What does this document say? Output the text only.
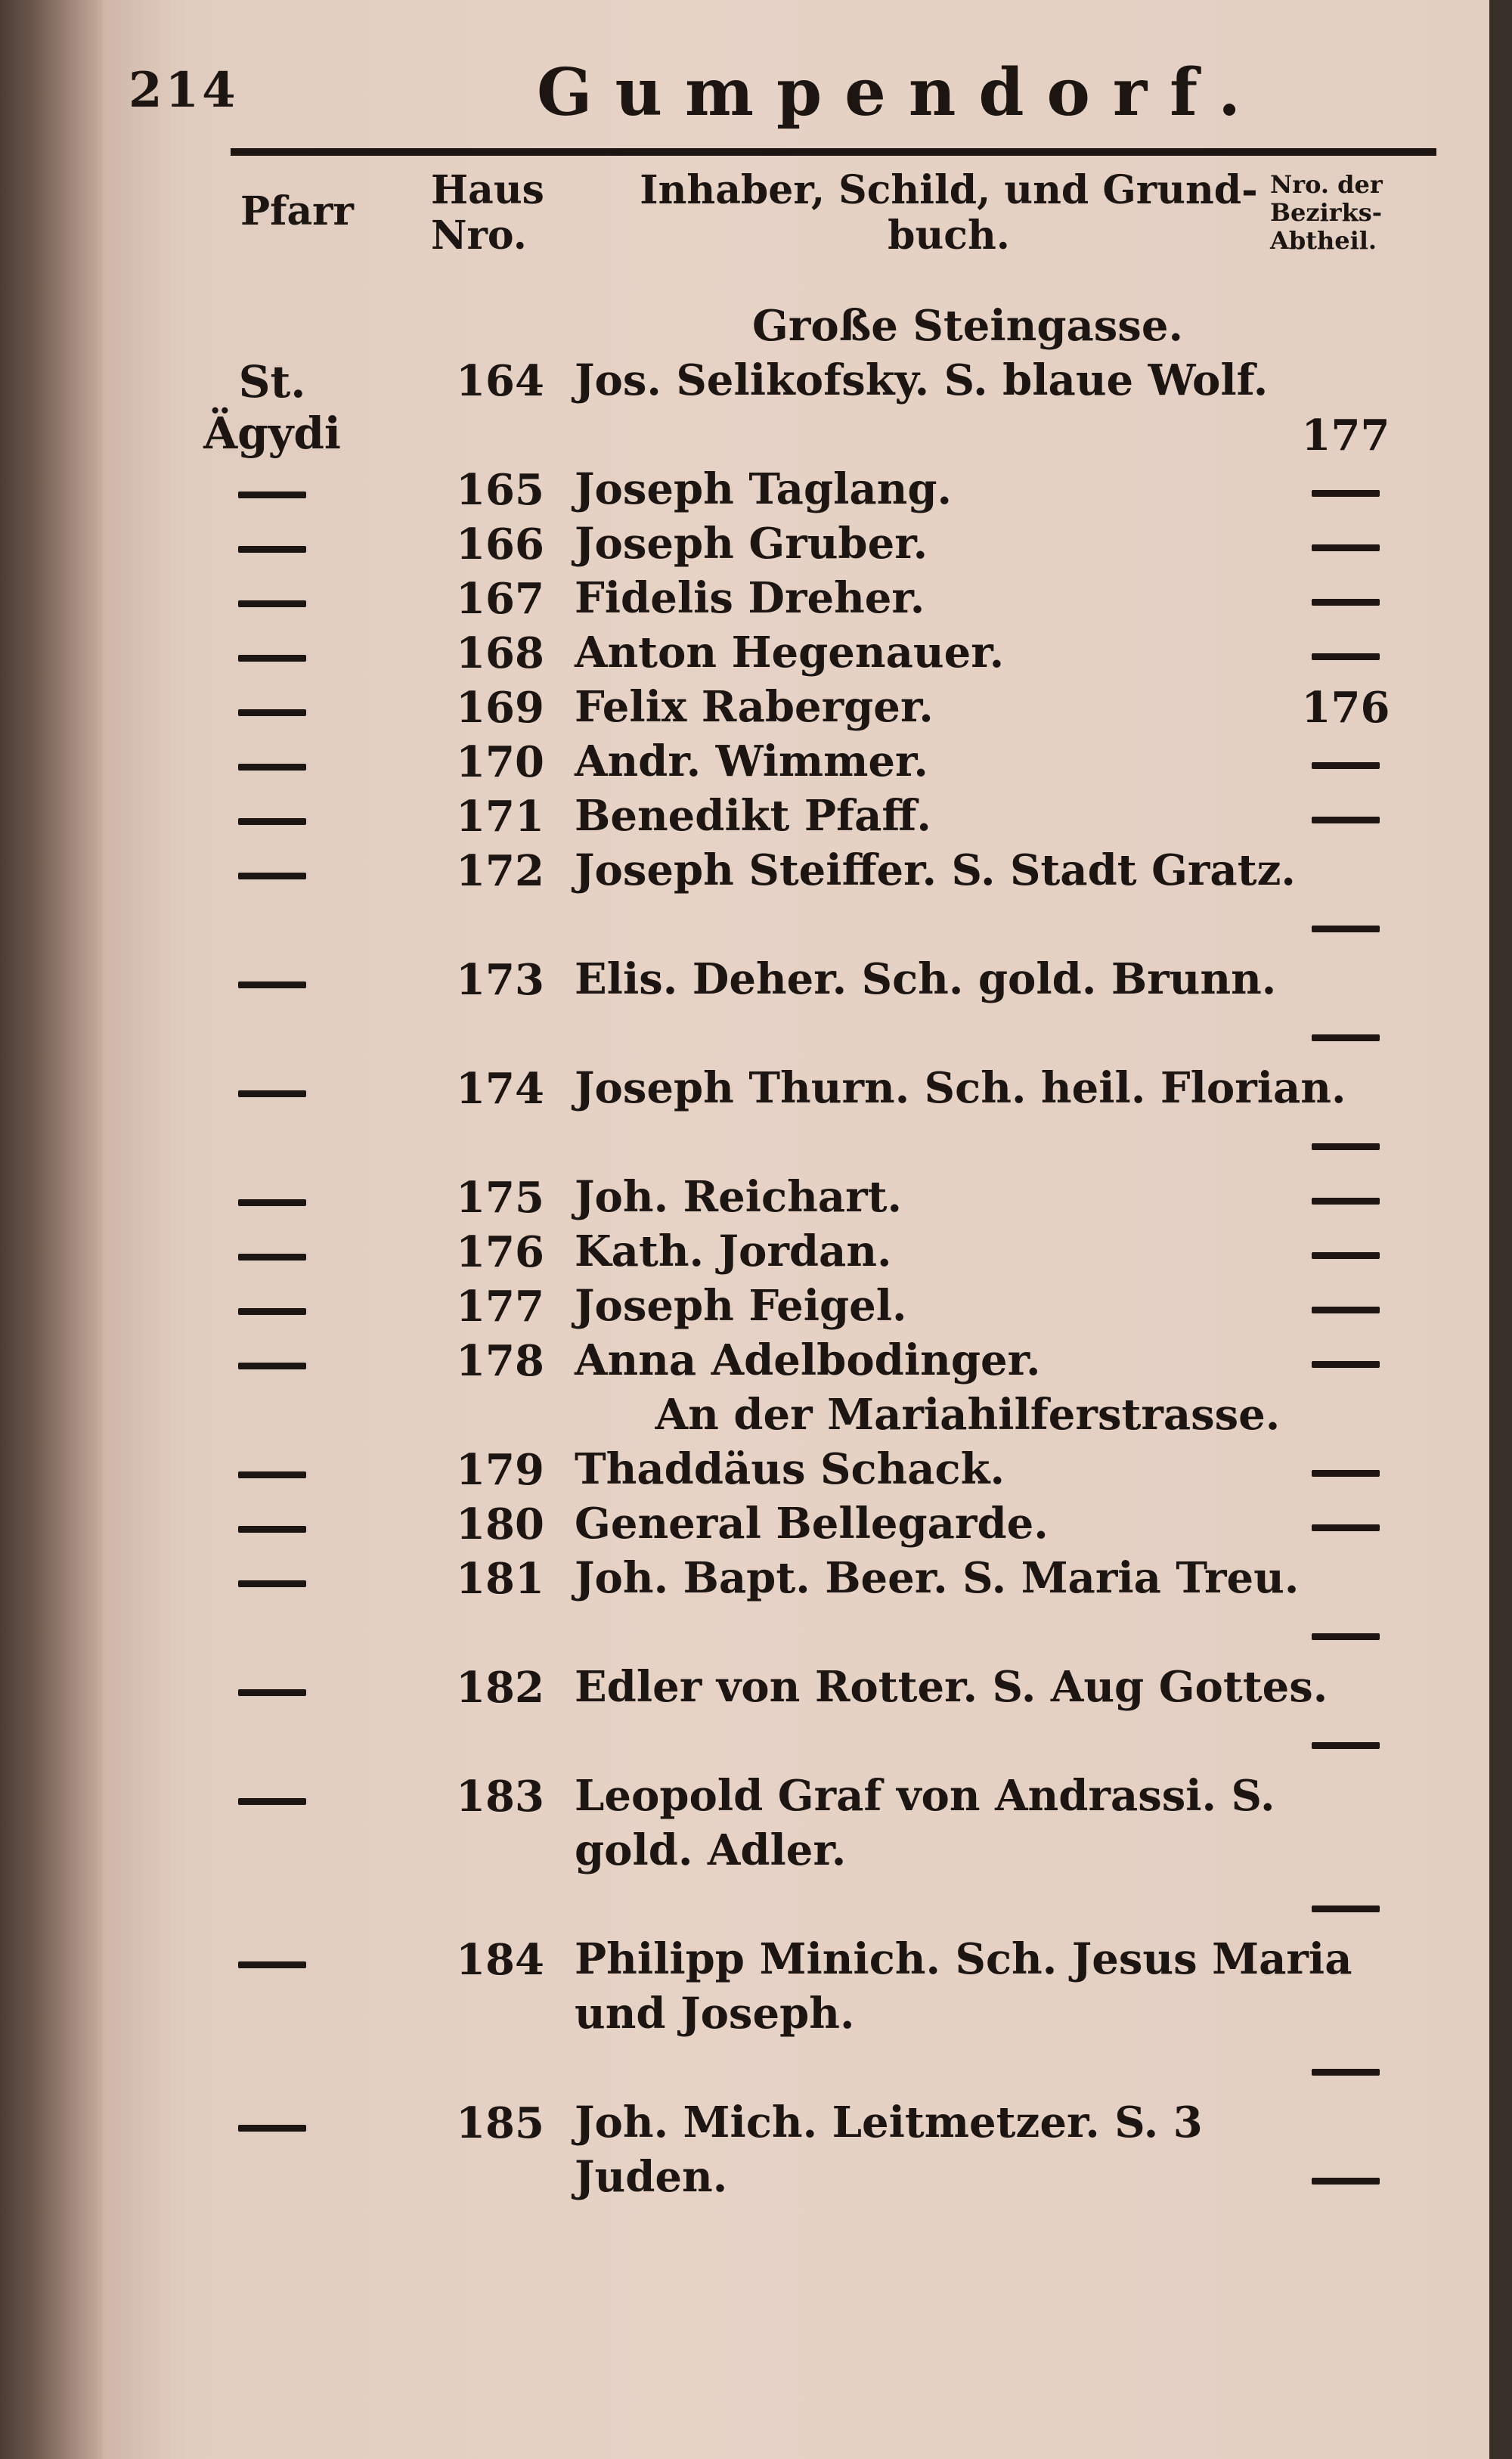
214	Gumpendorf.
Pfarr Haus Nro.
Inhaber, Schild, und Grund-buch.
Nro. der Bezirks-Abtheil.
Große Steingasse.
St. Ägydi
164 Jos. Selikofsky. S. blaue Wolf.
177
165 Joseph Taglang.
166 Joseph Gruber.
167 Fidelis Dreher.
168 Anton Hegenauer.
169 Felix Raberger.	176
170 Andr. Wimmer.
171 Benedikt Pfaff.
172 Joseph Steiffer. S. Stadt Gratz.
173 Elis. Deher. Sch. gold. Brunn.
174 Joseph Thurn. Sch. heil. Florian.
175 Joh. Reichart.
176 Kath. Jordan.
177 Joseph Feigel.
178 Anna Adelbodinger.
An der Mariahilferstrasse.
179 Thaddäus Schack.
180 General Bellegarde.
181 Joh. Bapt. Beer. S. Maria Treu.
182 Edler von Rotter. S. Aug Gottes.
183 Leopold Graf von Andrassi. S. gold. Adler.
184 Philipp Minich. Sch. Jesus Maria und Joseph.
185 Joh. Mich. Leitmetzer. S. 3 Juden.
